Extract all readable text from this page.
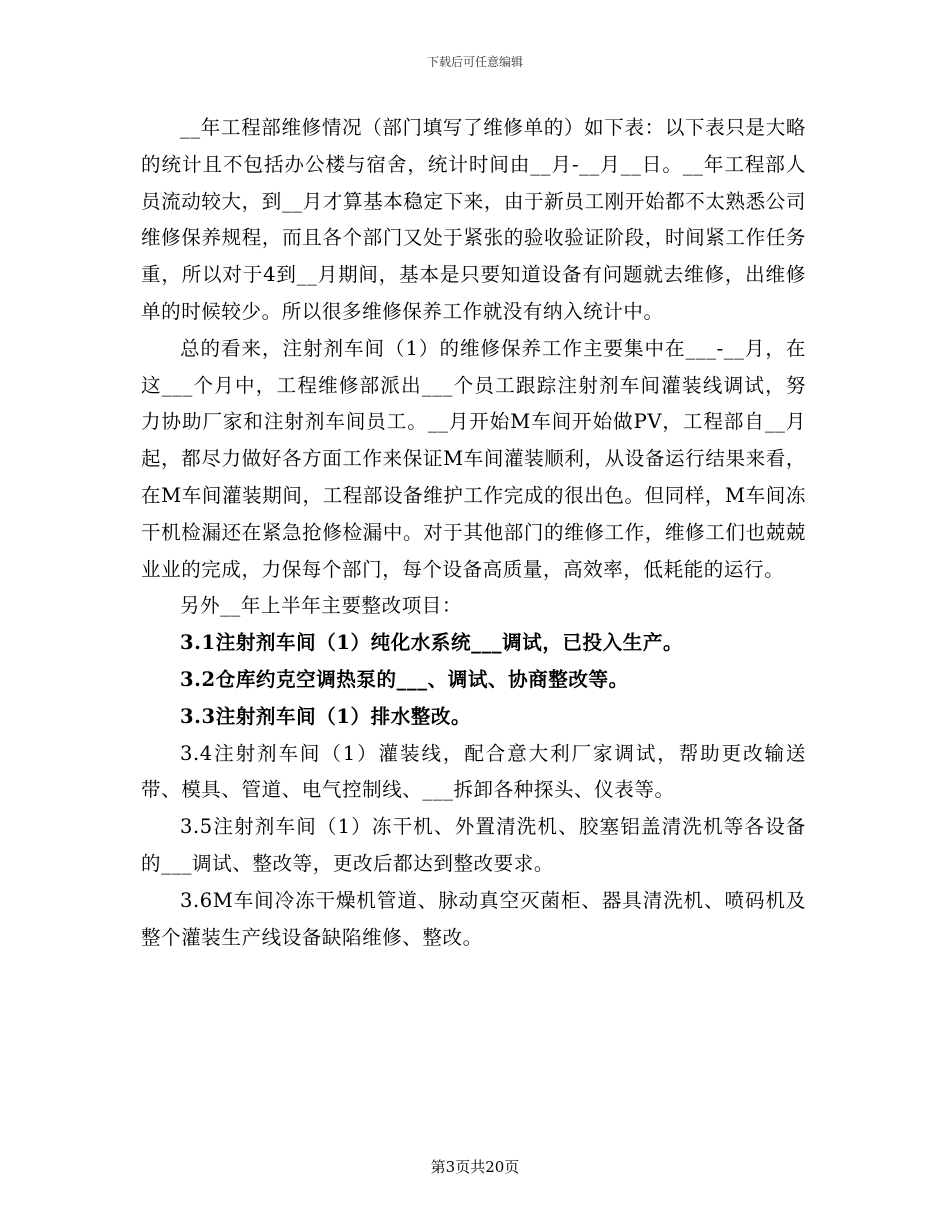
下载后可任意编辑

__年工程部维修情况（部门填写了维修单的）如下表：以下表只是大略的统计且不包括办公楼与宿舍，统计时间由__月-__月__日。__年工程部人员流动较大，到__月才算基本稳定下来，由于新员工刚开始都不太熟悉公司维修保养规程，而且各个部门又处于紧张的验收验证阶段，时间紧工作任务重，所以对于4到__月期间，基本是只要知道设备有问题就去维修，出维修单的时候较少。所以很多维修保养工作就没有纳入统计中。

总的看来，注射剂车间（1）的维修保养工作主要集中在___-__月，在这___个月中，工程维修部派出___个员工跟踪注射剂车间灌装线调试，努力协助厂家和注射剂车间员工。__月开始M车间开始做PV，工程部自__月起，都尽力做好各方面工作来保证M车间灌装顺利，从设备运行结果来看，在M车间灌装期间，工程部设备维护工作完成的很出色。但同样，M车间冻干机检漏还在紧急抢修检漏中。对于其他部门的维修工作，维修工们也兢兢业业的完成，力保每个部门，每个设备高质量，高效率，低耗能的运行。

另外__年上半年主要整改项目：

3.1注射剂车间（1）纯化水系统___调试，已投入生产。

3.2仓库约克空调热泵的___、调试、协商整改等。

3.3注射剂车间（1）排水整改。

3.4注射剂车间（1）灌装线，配合意大利厂家调试，帮助更改输送带、模具、管道、电气控制线、___拆卸各种探头、仪表等。

3.5注射剂车间（1）冻干机、外置清洗机、胶塞铝盖清洗机等各设备的___调试、整改等，更改后都达到整改要求。

3.6M车间冷冻干燥机管道、脉动真空灭菌柜、器具清洗机、喷码机及整个灌装生产线设备缺陷维修、整改。

第3页共20页
